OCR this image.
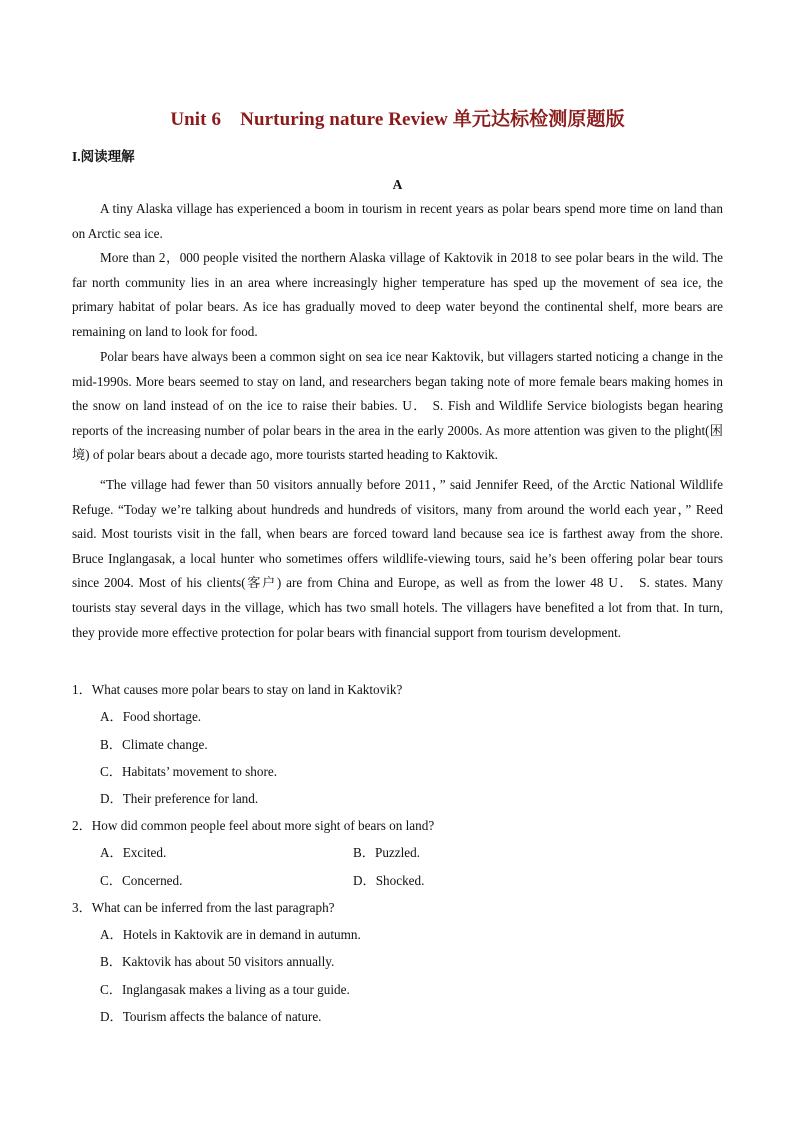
Unit 6　Nurturing nature Review 单元达标检测原题版
I.阅读理解
A

A tiny Alaska village has experienced a boom in tourism in recent years as polar bears spend more time on land than on Arctic sea ice.

More than 2，000 people visited the northern Alaska village of Kaktovik in 2018 to see polar bears in the wild. The far north community lies in an area where increasingly higher temperature has sped up the movement of sea ice, the primary habitat of polar bears. As ice has gradually moved to deep water beyond the continental shelf, more bears are remaining on land to look for food.

Polar bears have always been a common sight on sea ice near Kaktovik, but villagers started noticing a change in the mid-1990s. More bears seemed to stay on land, and researchers began taking note of more female bears making homes in the snow on land instead of on the ice to raise their babies. U． S. Fish and Wildlife Service biologists began hearing reports of the increasing number of polar bears in the area in the early 2000s. As more attention was given to the plight(困境) of polar bears about a decade ago, more tourists started heading to Kaktovik.

“The village had fewer than 50 visitors annually before 2011，” said Jennifer Reed, of the Arctic National Wildlife Refuge. “Today we’re talking about hundreds and hundreds of visitors, many from around the world each year，” Reed said. Most tourists visit in the fall, when bears are forced toward land because sea ice is farthest away from the shore. Bruce Inglangasak, a local hunter who sometimes offers wildlife-viewing tours, said he’s been offering polar bear tours since 2004. Most of his clients(客户) are from China and Europe, as well as from the lower 48 U． S. states. Many tourists stay several days in the village, which has two small hotels. The villagers have benefited a lot from that. In turn, they provide more effective protection for polar bears with financial support from tourism development.

1．What causes more polar bears to stay on land in Kaktovik?
A．Food shortage.
B．Climate change.
C．Habitats’ movement to shore.
D．Their preference for land.
2．How did common people feel about more sight of bears on land?
A．Excited.	B．Puzzled.
C．Concerned.	D．Shocked.
3．What can be inferred from the last paragraph?
A．Hotels in Kaktovik are in demand in autumn.
B．Kaktovik has about 50 visitors annually.
C．Inglangasak makes a living as a tour guide.
D．Tourism affects the balance of nature.
